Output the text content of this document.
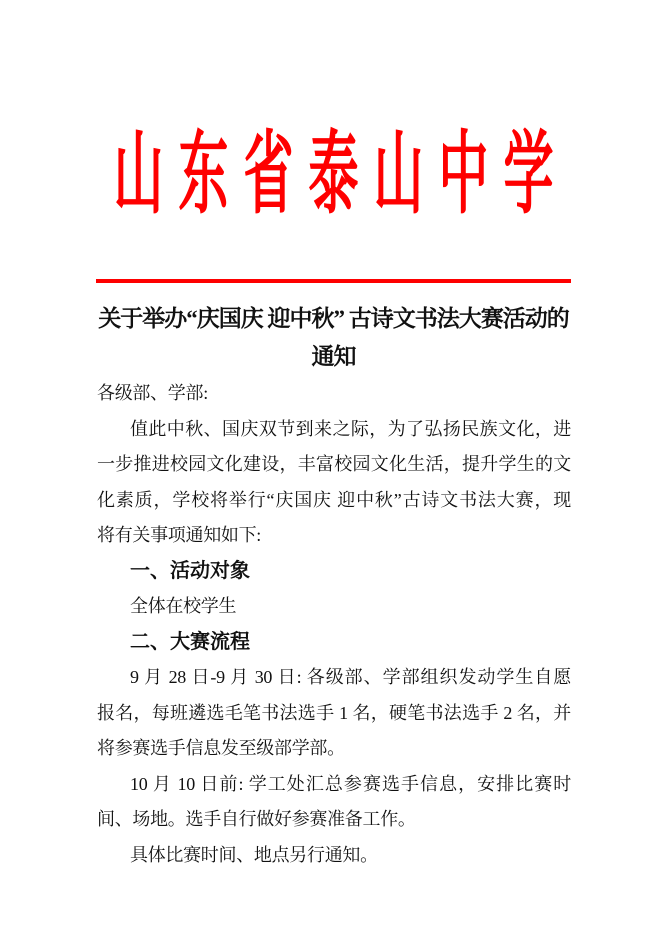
山东省泰山中学
关于举办“庆国庆 迎中秋” 古诗文书法大赛活动的
通知
各级部、学部:
值此中秋、国庆双节到来之际，为了弘扬民族文化，进
一步推进校园文化建设，丰富校园文化生活，提升学生的文
化素质，学校将举行“庆国庆 迎中秋”古诗文书法大赛，现
将有关事项通知如下:
一、活动对象
全体在校学生
二、大赛流程
9 月 28 日-9 月 30 日: 各级部、学部组织发动学生自愿
报名，每班遴选毛笔书法选手 1 名，硬笔书法选手 2 名，并
将参赛选手信息发至级部学部。
10 月 10 日前: 学工处汇总参赛选手信息，安排比赛时
间、场地。选手自行做好参赛准备工作。
具体比赛时间、地点另行通知。
